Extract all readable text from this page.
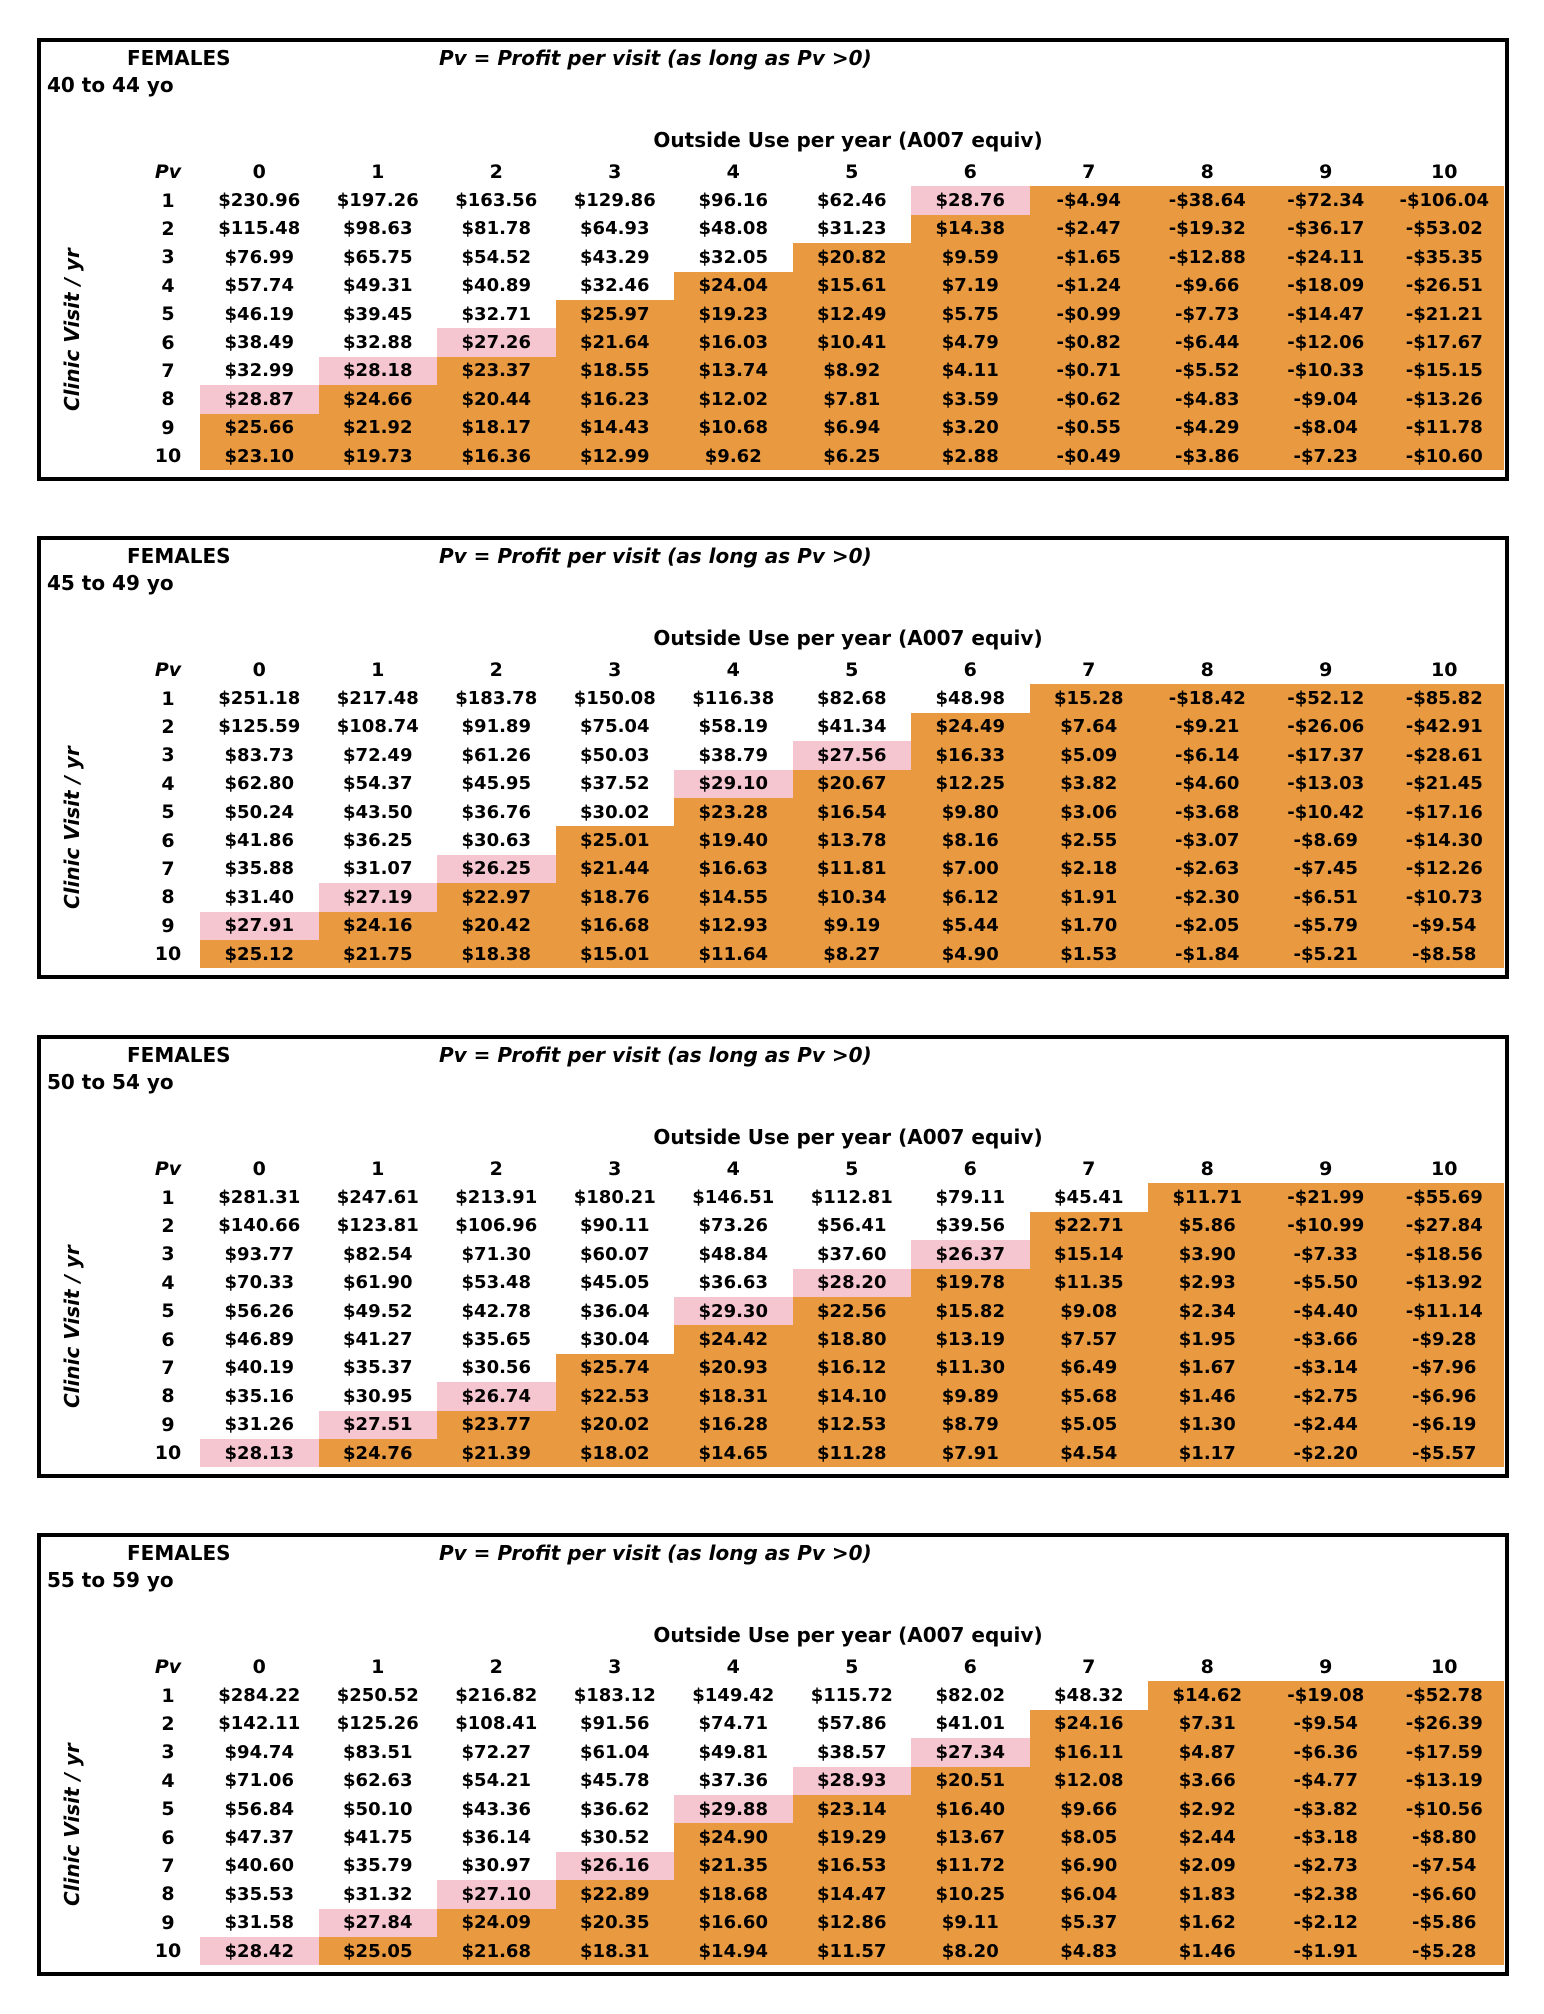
FEMALES	Pv = Profit per visit (as long as Pv >0)
40 to 44 yo
Outside Use per year (A007 equiv)
Pv	0	1	2	3	4	5	6	7	8	9	10
1	$230.96	$197.26	$163.56	$129.86	$96.16	$62.46	$28.76	-$4.94	-$38.64	-$72.34	-$106.04
2	$115.48	$98.63	$81.78	$64.93	$48.08	$31.23	$14.38	-$2.47	-$19.32	-$36.17	-$53.02
3	$76.99	$65.75	$54.52	$43.29	$32.05	$20.82	$9.59	-$1.65	-$12.88	-$24.11	-$35.35
4	$57.74	$49.31	$40.89	$32.46	$24.04	$15.61	$7.19	-$1.24	-$9.66	-$18.09	-$26.51
5	$46.19	$39.45	$32.71	$25.97	$19.23	$12.49	$5.75	-$0.99	-$7.73	-$14.47	-$21.21
6	$38.49	$32.88	$27.26	$21.64	$16.03	$10.41	$4.79	-$0.82	-$6.44	-$12.06	-$17.67
7	$32.99	$28.18	$23.37	$18.55	$13.74	$8.92	$4.11	-$0.71	-$5.52	-$10.33	-$15.15
8	$28.87	$24.66	$20.44	$16.23	$12.02	$7.81	$3.59	-$0.62	-$4.83	-$9.04	-$13.26
9	$25.66	$21.92	$18.17	$14.43	$10.68	$6.94	$3.20	-$0.55	-$4.29	-$8.04	-$11.78
10	$23.10	$19.73	$16.36	$12.99	$9.62	$6.25	$2.88	-$0.49	-$3.86	-$7.23	-$10.60
Clinic Visit / yr
FEMALES	Pv = Profit per visit (as long as Pv >0)
45 to 49 yo
Outside Use per year (A007 equiv)
Pv	0	1	2	3	4	5	6	7	8	9	10
1	$251.18	$217.48	$183.78	$150.08	$116.38	$82.68	$48.98	$15.28	-$18.42	-$52.12	-$85.82
2	$125.59	$108.74	$91.89	$75.04	$58.19	$41.34	$24.49	$7.64	-$9.21	-$26.06	-$42.91
3	$83.73	$72.49	$61.26	$50.03	$38.79	$27.56	$16.33	$5.09	-$6.14	-$17.37	-$28.61
4	$62.80	$54.37	$45.95	$37.52	$29.10	$20.67	$12.25	$3.82	-$4.60	-$13.03	-$21.45
5	$50.24	$43.50	$36.76	$30.02	$23.28	$16.54	$9.80	$3.06	-$3.68	-$10.42	-$17.16
6	$41.86	$36.25	$30.63	$25.01	$19.40	$13.78	$8.16	$2.55	-$3.07	-$8.69	-$14.30
7	$35.88	$31.07	$26.25	$21.44	$16.63	$11.81	$7.00	$2.18	-$2.63	-$7.45	-$12.26
8	$31.40	$27.19	$22.97	$18.76	$14.55	$10.34	$6.12	$1.91	-$2.30	-$6.51	-$10.73
9	$27.91	$24.16	$20.42	$16.68	$12.93	$9.19	$5.44	$1.70	-$2.05	-$5.79	-$9.54
10	$25.12	$21.75	$18.38	$15.01	$11.64	$8.27	$4.90	$1.53	-$1.84	-$5.21	-$8.58
Clinic Visit / yr
FEMALES	Pv = Profit per visit (as long as Pv >0)
50 to 54 yo
Outside Use per year (A007 equiv)
Pv	0	1	2	3	4	5	6	7	8	9	10
1	$281.31	$247.61	$213.91	$180.21	$146.51	$112.81	$79.11	$45.41	$11.71	-$21.99	-$55.69
2	$140.66	$123.81	$106.96	$90.11	$73.26	$56.41	$39.56	$22.71	$5.86	-$10.99	-$27.84
3	$93.77	$82.54	$71.30	$60.07	$48.84	$37.60	$26.37	$15.14	$3.90	-$7.33	-$18.56
4	$70.33	$61.90	$53.48	$45.05	$36.63	$28.20	$19.78	$11.35	$2.93	-$5.50	-$13.92
5	$56.26	$49.52	$42.78	$36.04	$29.30	$22.56	$15.82	$9.08	$2.34	-$4.40	-$11.14
6	$46.89	$41.27	$35.65	$30.04	$24.42	$18.80	$13.19	$7.57	$1.95	-$3.66	-$9.28
7	$40.19	$35.37	$30.56	$25.74	$20.93	$16.12	$11.30	$6.49	$1.67	-$3.14	-$7.96
8	$35.16	$30.95	$26.74	$22.53	$18.31	$14.10	$9.89	$5.68	$1.46	-$2.75	-$6.96
9	$31.26	$27.51	$23.77	$20.02	$16.28	$12.53	$8.79	$5.05	$1.30	-$2.44	-$6.19
10	$28.13	$24.76	$21.39	$18.02	$14.65	$11.28	$7.91	$4.54	$1.17	-$2.20	-$5.57
Clinic Visit / yr
FEMALES	Pv = Profit per visit (as long as Pv >0)
55 to 59 yo
Outside Use per year (A007 equiv)
Pv	0	1	2	3	4	5	6	7	8	9	10
1	$284.22	$250.52	$216.82	$183.12	$149.42	$115.72	$82.02	$48.32	$14.62	-$19.08	-$52.78
2	$142.11	$125.26	$108.41	$91.56	$74.71	$57.86	$41.01	$24.16	$7.31	-$9.54	-$26.39
3	$94.74	$83.51	$72.27	$61.04	$49.81	$38.57	$27.34	$16.11	$4.87	-$6.36	-$17.59
4	$71.06	$62.63	$54.21	$45.78	$37.36	$28.93	$20.51	$12.08	$3.66	-$4.77	-$13.19
5	$56.84	$50.10	$43.36	$36.62	$29.88	$23.14	$16.40	$9.66	$2.92	-$3.82	-$10.56
6	$47.37	$41.75	$36.14	$30.52	$24.90	$19.29	$13.67	$8.05	$2.44	-$3.18	-$8.80
7	$40.60	$35.79	$30.97	$26.16	$21.35	$16.53	$11.72	$6.90	$2.09	-$2.73	-$7.54
8	$35.53	$31.32	$27.10	$22.89	$18.68	$14.47	$10.25	$6.04	$1.83	-$2.38	-$6.60
9	$31.58	$27.84	$24.09	$20.35	$16.60	$12.86	$9.11	$5.37	$1.62	-$2.12	-$5.86
10	$28.42	$25.05	$21.68	$18.31	$14.94	$11.57	$8.20	$4.83	$1.46	-$1.91	-$5.28
Clinic Visit / yr
